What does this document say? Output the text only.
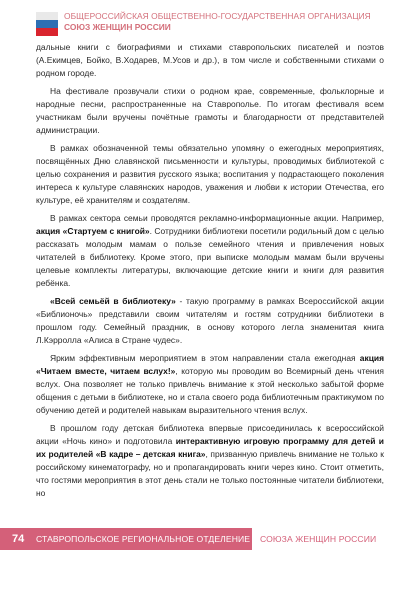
ОБЩЕРОССИЙСКАЯ ОБЩЕСТВЕННО-ГОСУДАРСТВЕННАЯ ОРГАНИЗАЦИЯ
СОЮЗ ЖЕНЩИН РОССИИ

дальные книги с биографиями и стихами ставропольских писателей и поэтов (А.Екимцев, Бойко, В.Ходарев, М.Усов и др.), в том числе и собственными стихами о родном городе.

На фестивале прозвучали стихи о родном крае, современные, фольклорные и народные песни, распространенные на Ставрополье. По итогам фестиваля всем участникам были вручены почётные грамоты и благодарности от представителей администрации.

В рамках обозначенной темы обязательно упомяну о ежегодных мероприятиях, посвящённых Дню славянской письменности и культуры, проводимых библиотекой с целью сохранения и развития русского языка; воспитания у подрастающего поколения интереса к культуре славянских народов, уважения и любви к истории Отечества, его культуре, её хранителям и создателям.

В рамках сектора семьи проводятся рекламно-информационные акции. Например, акция «Стартуем с книгой». Сотрудники библиотеки посетили родильный дом с целью рассказать молодым мамам о пользе семейного чтения и привлечения новых читателей в библиотеку. Кроме этого, при выписке молодым мамам были вручены целевые комплекты литературы, включающие детские книги и книги для развития ребёнка.

«Всей семьёй в библиотеку» - такую программу в рамках Всероссийской акции «Библионочь» представили своим читателям и гостям сотрудники библиотеки в прошлом году. Семейный праздник, в основу которого легла знаменитая книга Л.Кэрролла «Алиса в Стране чудес».

Ярким эффективным мероприятием в этом направлении стала ежегодная акция «Читаем вместе, читаем вслух!», которую мы проводим во Всемирный день чтения вслух. Она позволяет не только привлечь внимание к этой несколько забытой форме общения с детьми в библиотеке, но и стала своего рода библиотечным практикумом по обучению детей и родителей навыкам выразительного чтения вслух.

В прошлом году детская библиотека впервые присоединилась к всероссийской акции «Ночь кино» и подготовила интерактивную игровую программу для детей и их родителей «В кадре – детская книга», призванную привлечь внимание не только к российскому кинематографу, но и пропагандировать книги через кино. Стоит отметить, что гостями мероприятия в этот день стали не только постоянные читатели библиотеки, но

74 СТАВРОПОЛЬСКОЕ РЕГИОНАЛЬНОЕ ОТДЕЛЕНИЕ СОЮЗА ЖЕНЩИН РОССИИ
